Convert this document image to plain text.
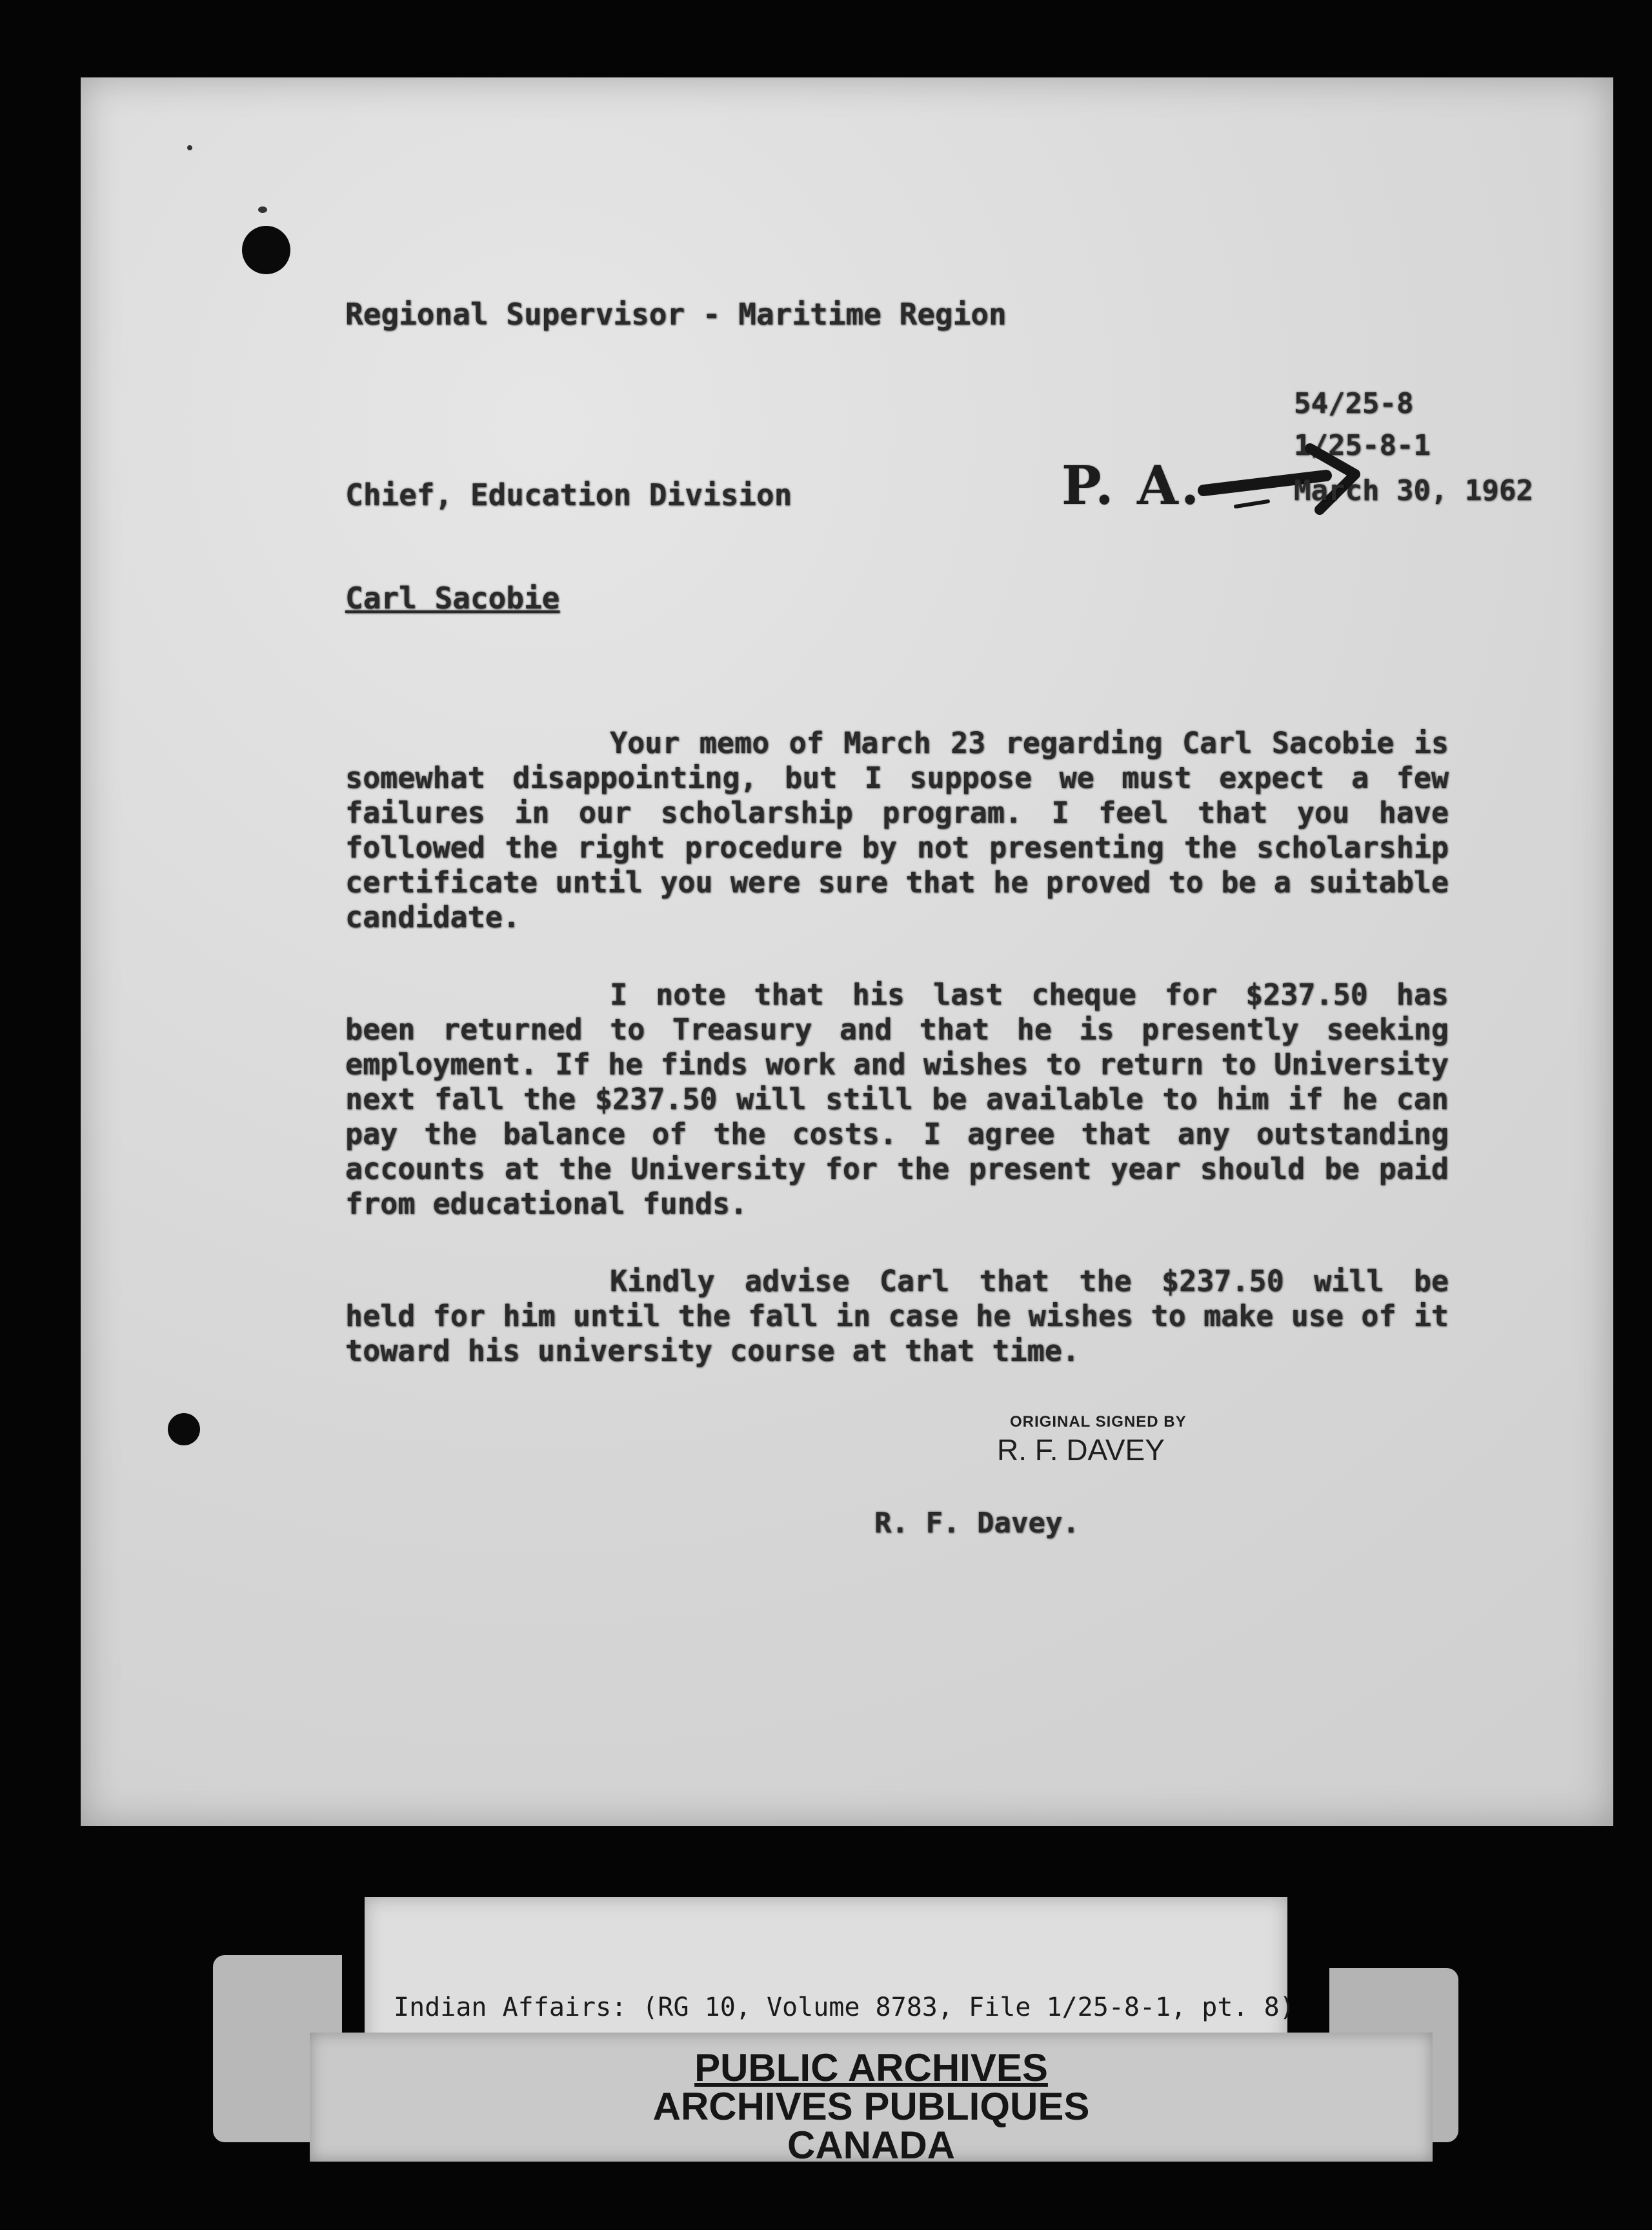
Regional Supervisor - Maritime Region
54/25-8
1/25-8-1
P. A.
Chief, Education Division	March 30, 1962
Carl Sacobie

Your memo of March 23 regarding Carl Sacobie is somewhat disappointing, but I suppose we must expect a few failures in our scholarship program. I feel that you have followed the right procedure by not presenting the scholarship certificate until you were sure that he proved to be a suitable candidate.

I note that his last cheque for $237.50 has been returned to Treasury and that he is presently seeking employment. If he finds work and wishes to return to University next fall the $237.50 will still be available to him if he can pay the balance of the costs. I agree that any outstanding accounts at the University for the present year should be paid from educational funds.

Kindly advise Carl that the $237.50 will be held for him until the fall in case he wishes to make use of it toward his university course at that time.

ORIGINAL SIGNED BY
R. F. DAVEY
R. F. Davey.
Indian Affairs: (RG 10, Volume 8783, File 1/25-8-1, pt. 8)
PUBLIC ARCHIVES
ARCHIVES PUBLIQUES
CANADA
